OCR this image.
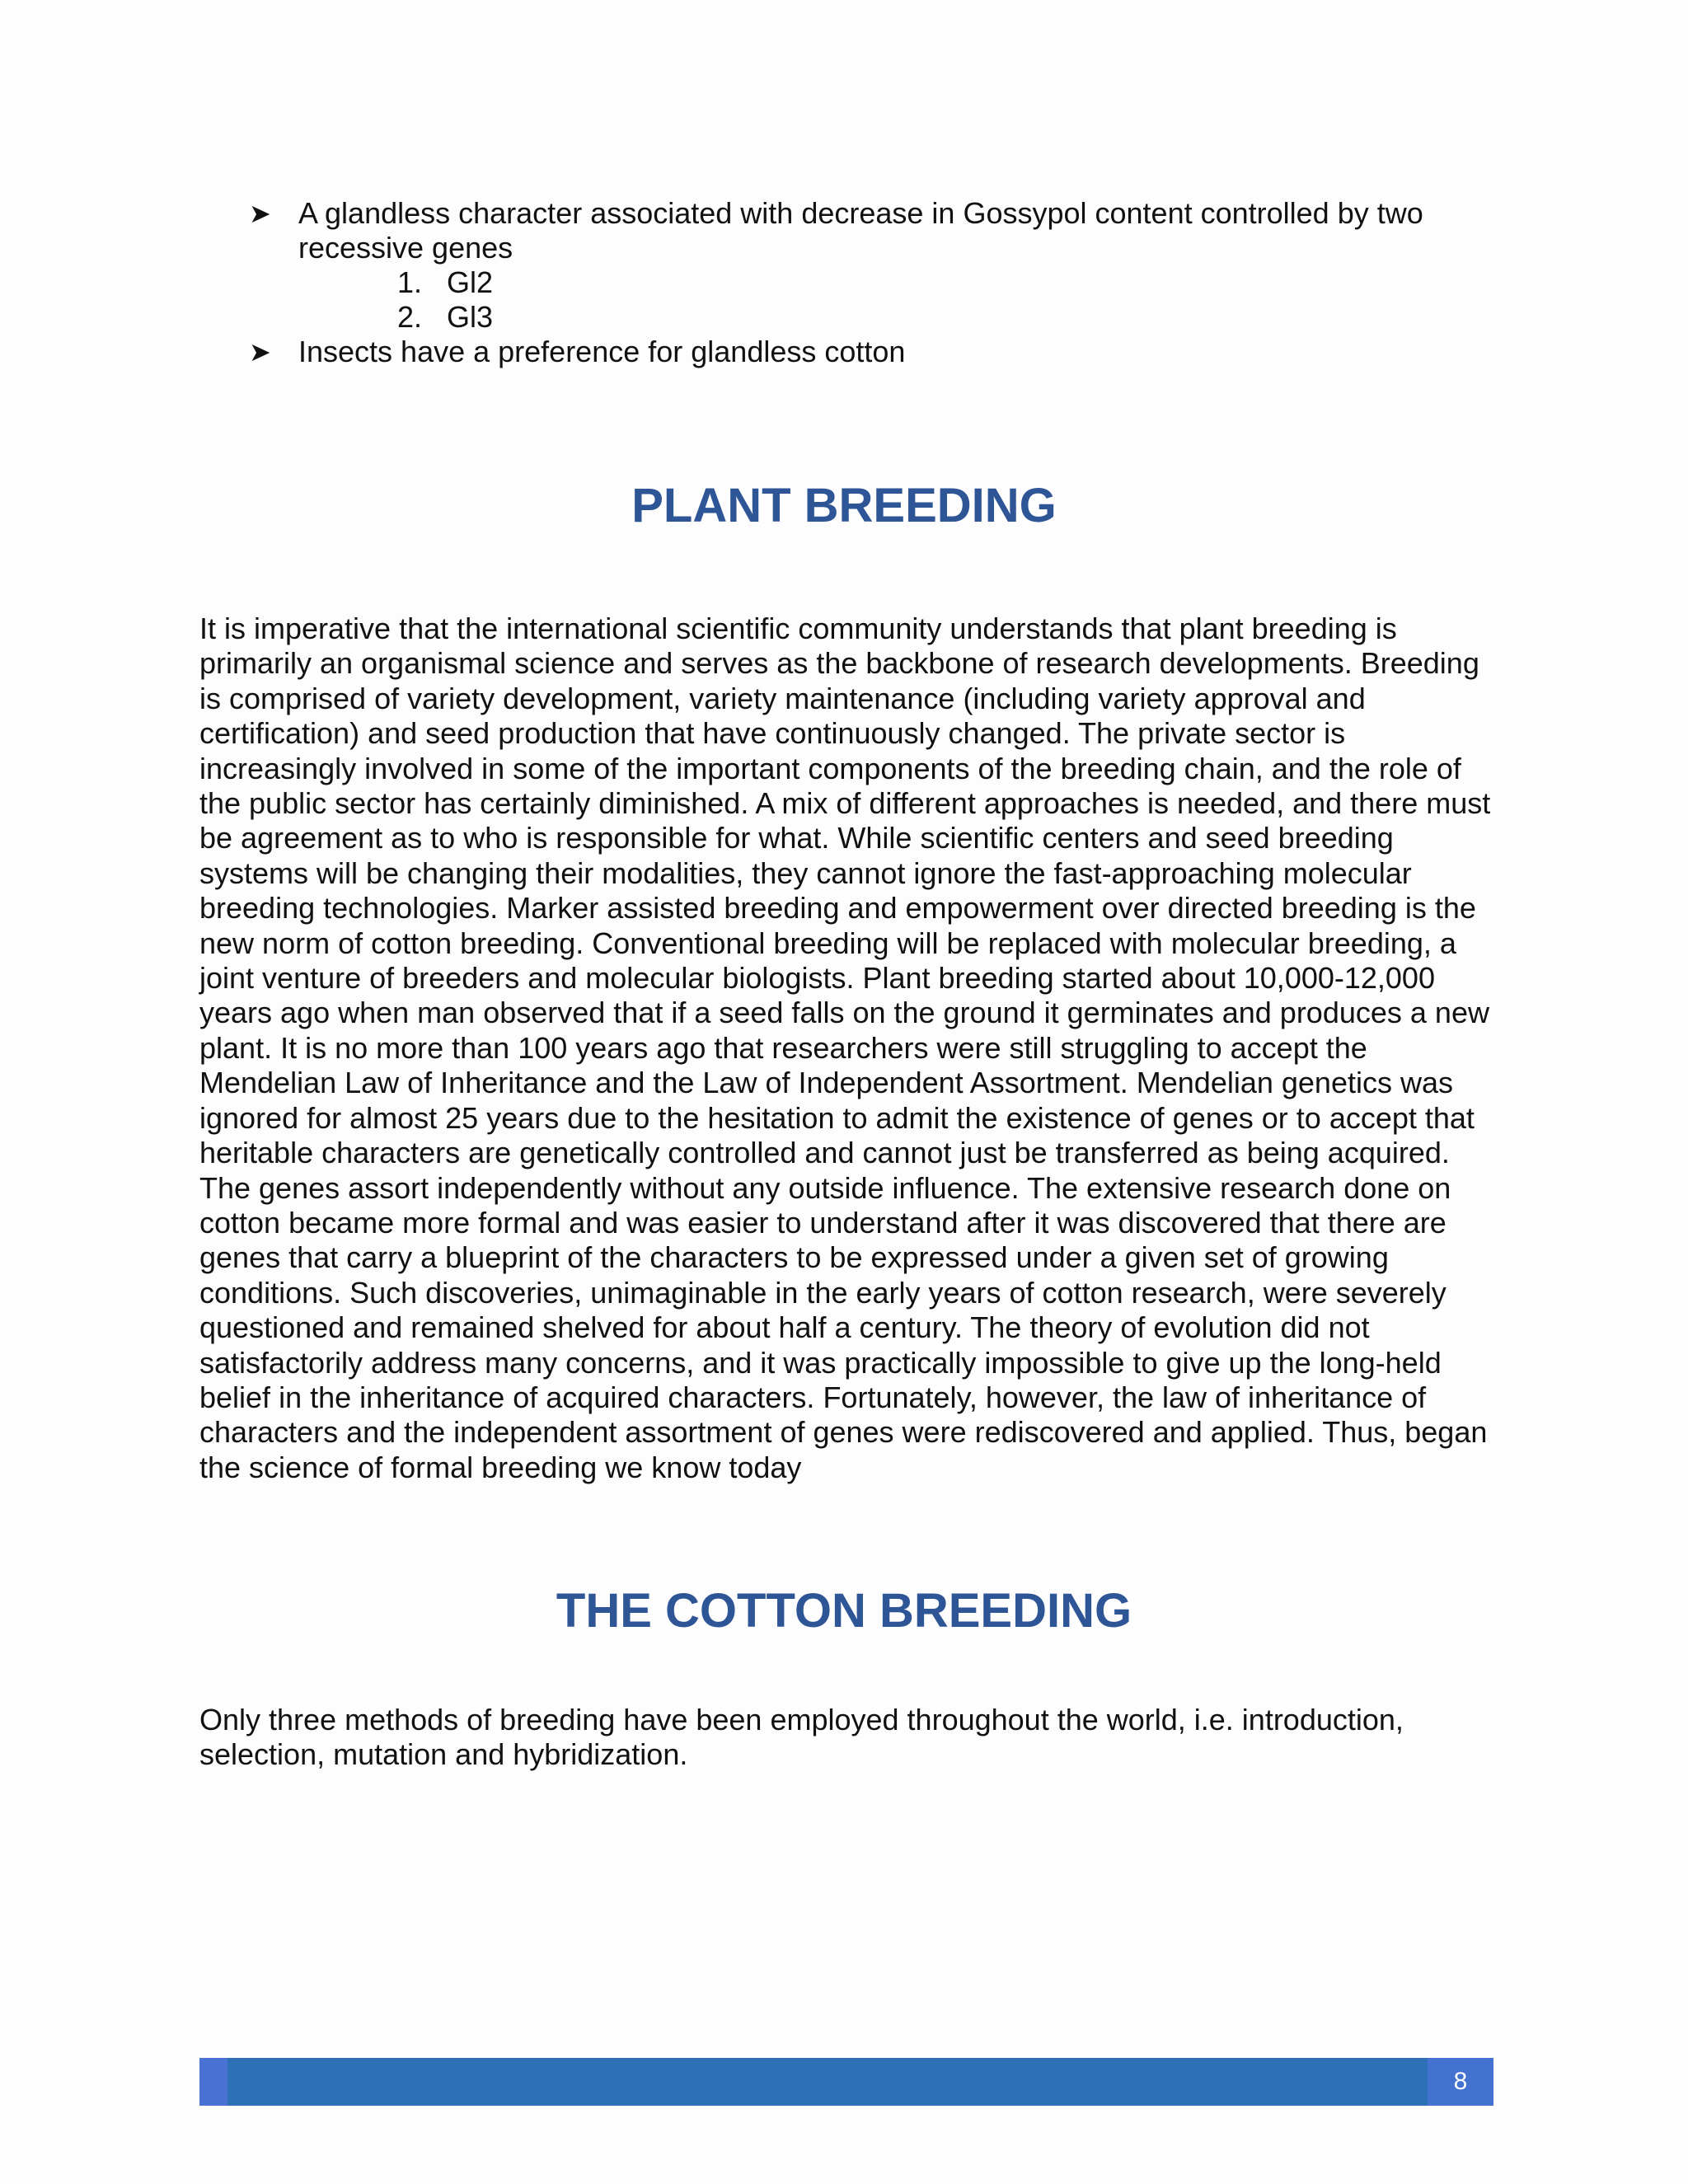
➤ A glandless character associated with decrease in Gossypol content controlled by two recessive genes
1. Gl2
2. Gl3
➤ Insects have a preference for glandless cotton
PLANT BREEDING

It is imperative that the international scientific community understands that plant breeding is primarily an organismal science and serves as the backbone of research developments. Breeding is comprised of variety development, variety maintenance (including variety approval and certification) and seed production that have continuously changed. The private sector is increasingly involved in some of the important components of the breeding chain, and the role of the public sector has certainly diminished. A mix of different approaches is needed, and there must be agreement as to who is responsible for what. While scientific centers and seed breeding systems will be changing their modalities, they cannot ignore the fast-approaching molecular breeding technologies. Marker assisted breeding and empowerment over directed breeding is the new norm of cotton breeding. Conventional breeding will be replaced with molecular breeding, a joint venture of breeders and molecular biologists. Plant breeding started about 10,000-12,000 years ago when man observed that if a seed falls on the ground it germinates and produces a new plant. It is no more than 100 years ago that researchers were still struggling to accept the Mendelian Law of Inheritance and the Law of Independent Assortment. Mendelian genetics was ignored for almost 25 years due to the hesitation to admit the existence of genes or to accept that heritable characters are genetically controlled and cannot just be transferred as being acquired. The genes assort independently without any outside influence. The extensive research done on cotton became more formal and was easier to understand after it was discovered that there are genes that carry a blueprint of the characters to be expressed under a given set of growing conditions. Such discoveries, unimaginable in the early years of cotton research, were severely questioned and remained shelved for about half a century. The theory of evolution did not satisfactorily address many concerns, and it was practically impossible to give up the long-held belief in the inheritance of acquired characters. Fortunately, however, the law of inheritance of characters and the independent assortment of genes were rediscovered and applied. Thus, began the science of formal breeding we know today

THE COTTON BREEDING

Only three methods of breeding have been employed throughout the world, i.e. introduction, selection, mutation and hybridization.

8
